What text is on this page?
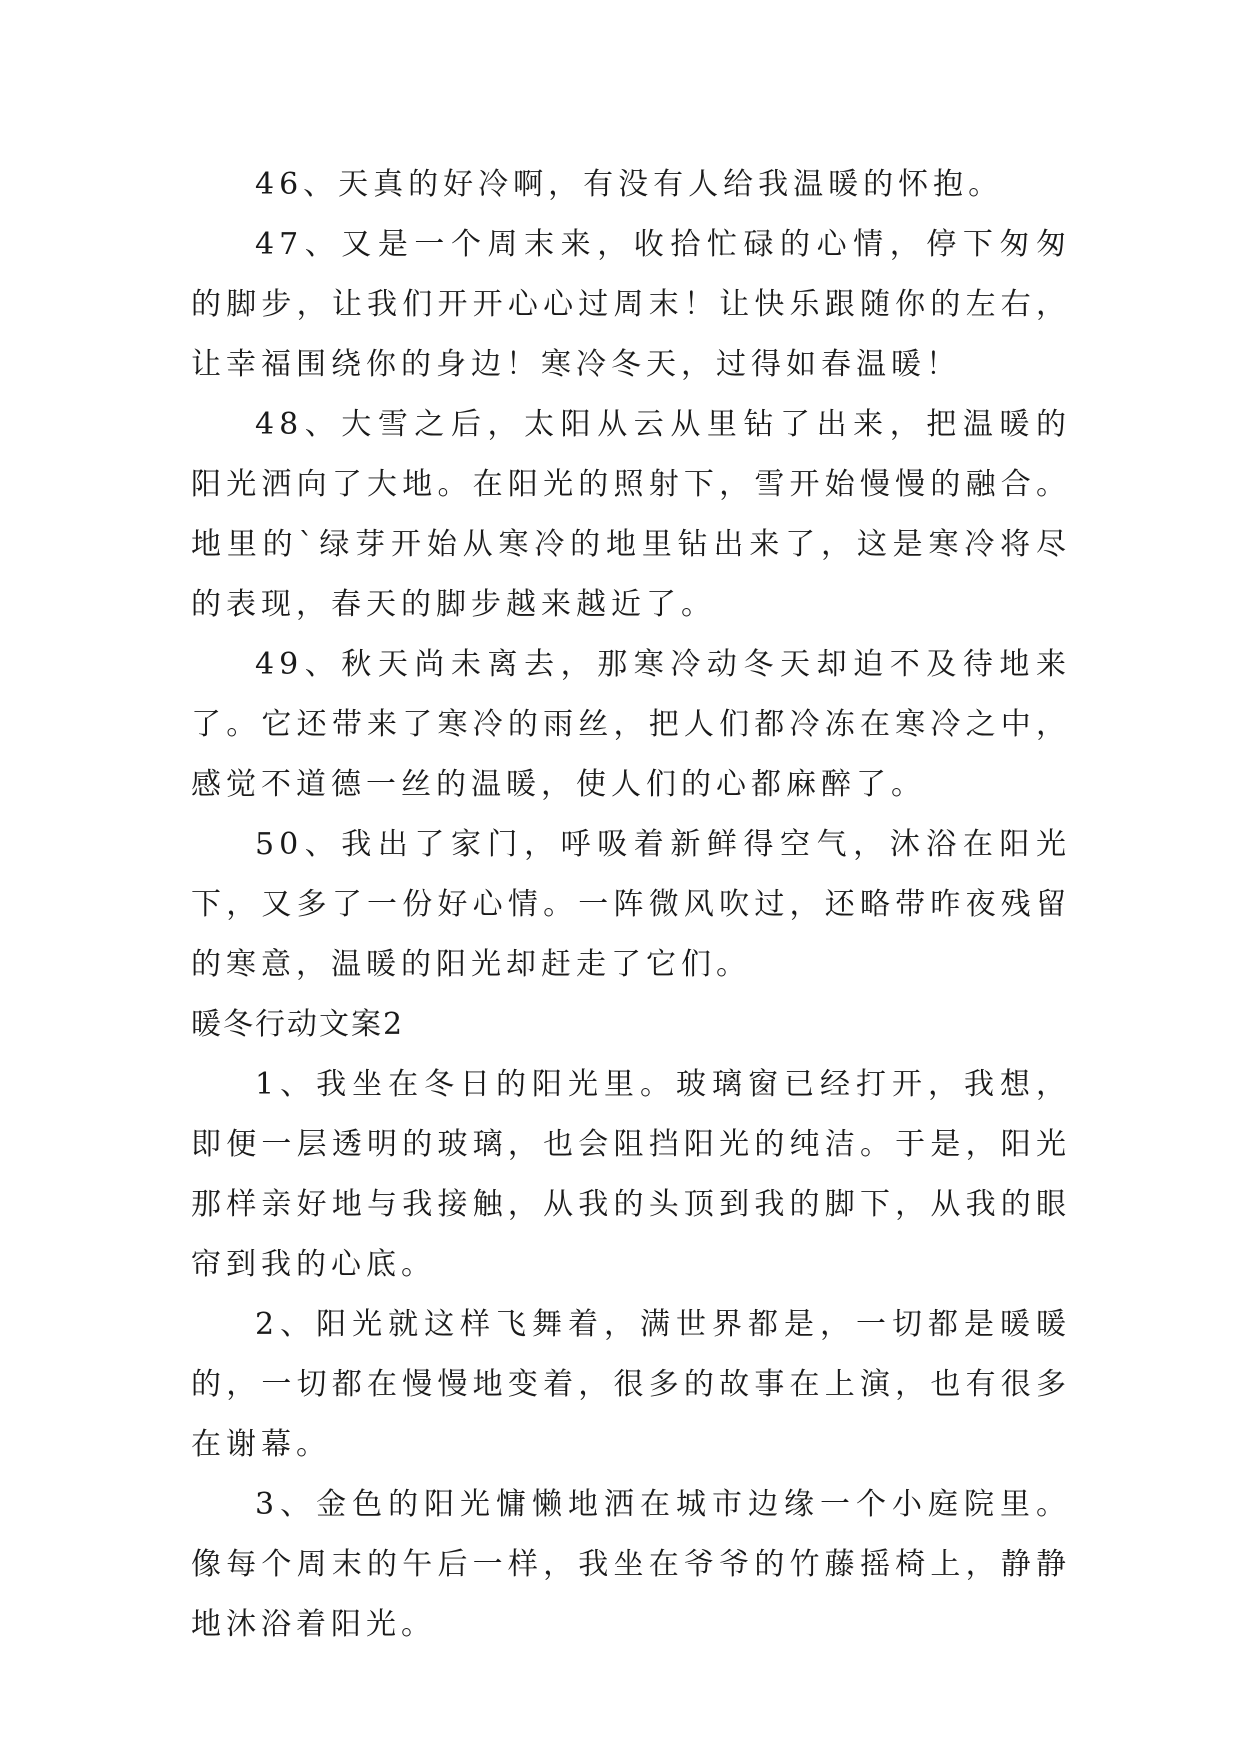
46、天真的好冷啊，有没有人给我温暖的怀抱。

47、又是一个周末来，收拾忙碌的心情，停下匆匆的脚步，让我们开开心心过周末！让快乐跟随你的左右，让幸福围绕你的身边！寒冷冬天，过得如春温暖！

48、大雪之后，太阳从云从里钻了出来，把温暖的阳光洒向了大地。在阳光的照射下，雪开始慢慢的融合。地里的`绿芽开始从寒冷的地里钻出来了，这是寒冷将尽的表现，春天的脚步越来越近了。

49、秋天尚未离去，那寒冷动冬天却迫不及待地来了。它还带来了寒冷的雨丝，把人们都冷冻在寒冷之中，感觉不道德一丝的温暖，使人们的心都麻醉了。

50、我出了家门，呼吸着新鲜得空气，沐浴在阳光下，又多了一份好心情。一阵微风吹过，还略带昨夜残留的寒意，温暖的阳光却赶走了它们。

暖冬行动文案2

1、我坐在冬日的阳光里。玻璃窗已经打开，我想，即便一层透明的玻璃，也会阻挡阳光的纯洁。于是，阳光那样亲好地与我接触，从我的头顶到我的脚下，从我的眼帘到我的心底。

2、阳光就这样飞舞着，满世界都是，一切都是暖暖的，一切都在慢慢地变着，很多的故事在上演，也有很多在谢幕。

3、金色的阳光慵懒地洒在城市边缘一个小庭院里。像每个周末的午后一样，我坐在爷爷的竹藤摇椅上，静静地沐浴着阳光。
